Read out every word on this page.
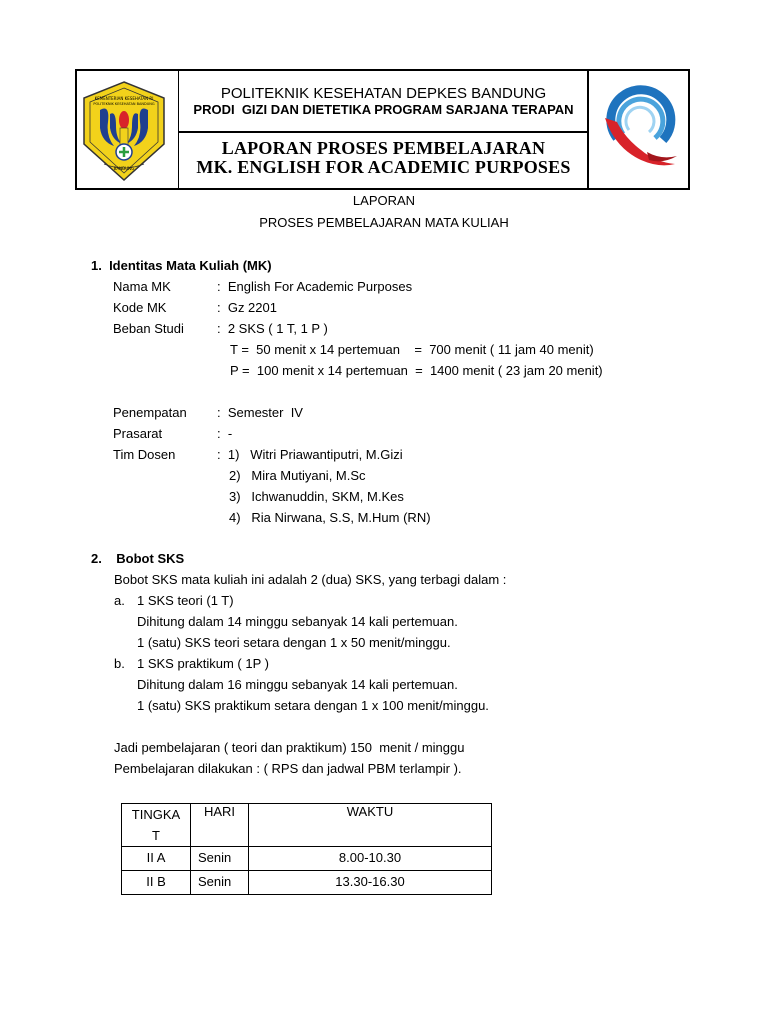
KEMENTERIAN KESEHATAN RI
POLITEKNIK KESEHATAN BANDUNG
BANDUNG
POLITEKNIK KESEHATAN DEPKES BANDUNG
PRODI  GIZI DAN DIETETIKA PROGRAM SARJANA TERAPAN
LAPORAN PROSES PEMBELAJARAN
MK. ENGLISH FOR ACADEMIC PURPOSES
LAPORAN
PROSES PEMBELAJARAN MATA KULIAH
1.  Identitas Mata Kuliah (MK)
Nama MK	:  English For Academic Purposes
Kode MK	:  Gz 2201
Beban Studi	:  2 SKS ( 1 T, 1 P )
T =  50 menit x 14 pertemuan    =  700 menit ( 11 jam 40 menit)
P =  100 menit x 14 pertemuan  =  1400 menit ( 23 jam 20 menit)
Penempatan :  Semester  IV
Prasarat	:  -
Tim Dosen	:  1)   Witri Priawantiputri, M.Gizi
2)   Mira Mutiyani, M.Sc
3)   Ichwanuddin, SKM, M.Kes
4)   Ria Nirwana, S.S, M.Hum (RN)
2.    Bobot SKS
Bobot SKS mata kuliah ini adalah 2 (dua) SKS, yang terbagi dalam :
a. 1 SKS teori (1 T)
Dihitung dalam 14 minggu sebanyak 14 kali pertemuan.
1 (satu) SKS teori setara dengan 1 x 50 menit/minggu.
b. 1 SKS praktikum ( 1P )
Dihitung dalam 16 minggu sebanyak 14 kali pertemuan.
1 (satu) SKS praktikum setara dengan 1 x 100 menit/minggu.
Jadi pembelajaran ( teori dan praktikum) 150  menit / minggu
Pembelajaran dilakukan : ( RPS dan jadwal PBM terlampir ).
TINGKA
T	HARI	WAKTU

II A	Senin	8.00-10.30

II B	Senin	13.30-16.30
